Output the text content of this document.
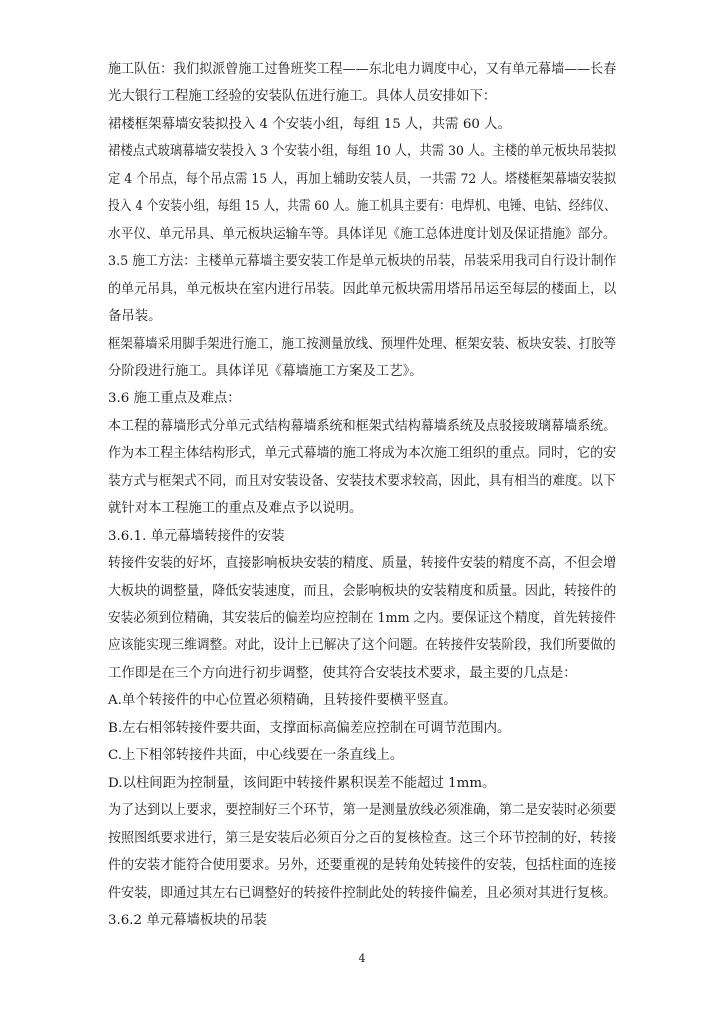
施工队伍：我们拟派曾施工过鲁班奖工程——东北电力调度中心，又有单元幕墙——长春
光大银行工程施工经验的安装队伍进行施工。具体人员安排如下：
裙楼框架幕墙安装拟投入 4 个安装小组，每组 15 人，共需 60 人。
裙楼点式玻璃幕墙安装投入 3 个安装小组，每组 10 人，共需 30 人。主楼的单元板块吊装拟
定 4 个吊点，每个吊点需 15 人，再加上辅助安装人员，一共需 72 人。塔楼框架幕墙安装拟
投入 4 个安装小组，每组 15 人，共需 60 人。施工机具主要有：电焊机、电锤、电钻、经纬仪、
水平仪、单元吊具、单元板块运输车等。具体详见《施工总体进度计划及保证措施》部分。
3.5 施工方法：主楼单元幕墙主要安装工作是单元板块的吊装，吊装采用我司自行设计制作
的单元吊具，单元板块在室内进行吊装。因此单元板块需用塔吊吊运至每层的楼面上，以
备吊装。
框架幕墙采用脚手架进行施工，施工按测量放线、预埋件处理、框架安装、板块安装、打胶等
分阶段进行施工。具体详见《幕墙施工方案及工艺》。
3.6 施工重点及难点：
本工程的幕墙形式分单元式结构幕墙系统和框架式结构幕墙系统及点驳接玻璃幕墙系统。
作为本工程主体结构形式，单元式幕墙的施工将成为本次施工组织的重点。同时，它的安
装方式与框架式不同，而且对安装设备、安装技术要求较高，因此，具有相当的难度。以下
就针对本工程施工的重点及难点予以说明。
3.6.1. 单元幕墙转接件的安装
转接件安装的好坏，直接影响板块安装的精度、质量，转接件安装的精度不高，不但会增
大板块的调整量，降低安装速度，而且，会影响板块的安装精度和质量。因此，转接件的
安装必须到位精确，其安装后的偏差均应控制在 1mm 之内。要保证这个精度，首先转接件
应该能实现三维调整。对此，设计上已解决了这个问题。在转接件安装阶段，我们所要做的
工作即是在三个方向进行初步调整，使其符合安装技术要求，最主要的几点是：
A.单个转接件的中心位置必须精确，且转接件要横平竖直。
B.左右相邻转接件要共面，支撑面标高偏差应控制在可调节范围内。
C.上下相邻转接件共面，中心线要在一条直线上。
D.以柱间距为控制量，该间距中转接件累积误差不能超过 1mm。
为了达到以上要求，要控制好三个环节，第一是测量放线必须准确，第二是安装时必须要
按照图纸要求进行，第三是安装后必须百分之百的复核检查。这三个环节控制的好，转接
件的安装才能符合使用要求。另外，还要重视的是转角处转接件的安装，包括柱面的连接
件安装，即通过其左右已调整好的转接件控制此处的转接件偏差，且必须对其进行复核。
3.6.2 单元幕墙板块的吊装
4
